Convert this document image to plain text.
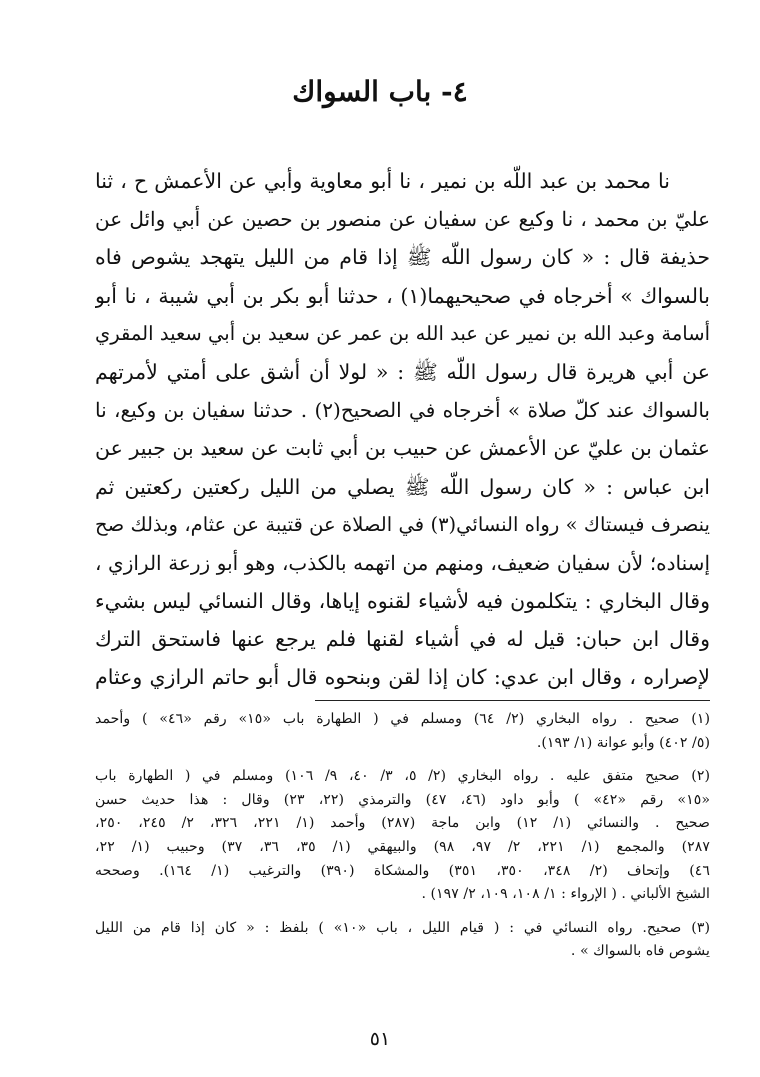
٤- باب السواك
نا محمد بن عبد اللّه بن نمير ، نا أبو معاوية وأبي عن الأعمش ح ، ثنا
عليّ بن محمد ، نا وكيع عن سفيان عن منصور بن حصين عن أبي وائل عن
حذيفة قال : « كان رسول اللّه ﷺ إذا قام من الليل يتهجد يشوص فاه
بالسواك » أخرجاه في صحيحيهما(١) ، حدثنا أبو بكر بن أبي شيبة ، نا أبو
أسامة وعبد الله بن نمير عن عبد الله بن عمر عن سعيد بن أبي سعيد المقري
عن أبي هريرة قال رسول اللّه ﷺ : « لولا أن أشق على أمتي لأمرتهم
بالسواك عند كلّ صلاة » أخرجاه في الصحيح(٢) . حدثنا سفيان بن وكيع، نا
عثمان بن عليّ عن الأعمش عن حبيب بن أبي ثابت عن سعيد بن جبير عن
ابن عباس : « كان رسول اللّه ﷺ يصلي من الليل ركعتين ركعتين ثم
ينصرف فيستاك » رواه النسائي(٣) في الصلاة عن قتيبة عن عثام، وبذلك صح
إسناده؛ لأن سفيان ضعيف، ومنهم من اتهمه بالكذب، وهو أبو زرعة الرازي ،
وقال البخاري : يتكلمون فيه لأشياء لقنوه إياها، وقال النسائي ليس بشيء
وقال ابن حبان: قيل له في أشياء لقنها فلم يرجع عنها فاستحق الترك
لإصراره ، وقال ابن عدي: كان إذا لقن وبنحوه قال أبو حاتم الرازي وعثام
(١) صحيح . رواه البخاري (٢/ ٦٤) ومسلم في ( الطهارة باب «١٥» رقم «٤٦» ) وأحمد
(٥/ ٤٠٢) وأبو عوانة (١/ ١٩٣).
(٢) صحيح متفق عليه . رواه البخاري (٢/ ٥، ٣/ ٤٠، ٩/ ١٠٦) ومسلم في ( الطهارة باب
«١٥» رقم «٤٢» ) وأبو داود (٤٦، ٤٧) والترمذي (٢٢، ٢٣) وقال : هذا حديث حسن
صحيح . والنسائي (١/ ١٢) وابن ماجة (٢٨٧) وأحمد (١/ ٢٢١، ٣٢٦، ٢/ ٢٤٥، ٢٥٠،
٢٨٧) والمجمع (١/ ٢٢١، ٢/ ٩٧، ٩٨) والبيهقي (١/ ٣٥، ٣٦، ٣٧) وحبيب (١/ ٢٢،
٤٦) وإتحاف (٢/ ٣٤٨، ٣٥٠، ٣٥١) والمشكاة (٣٩٠) والترغيب (١/ ١٦٤). وصححه
الشيخ الألباني . ( الإرواء : ١/ ١٠٨، ١٠٩، ٢/ ١٩٧) .
(٣) صحيح. رواه النسائي في : ( قيام الليل ، باب «١٠» ) بلفظ : « كان إذا قام من الليل
يشوص فاه بالسواك » .
٥١
